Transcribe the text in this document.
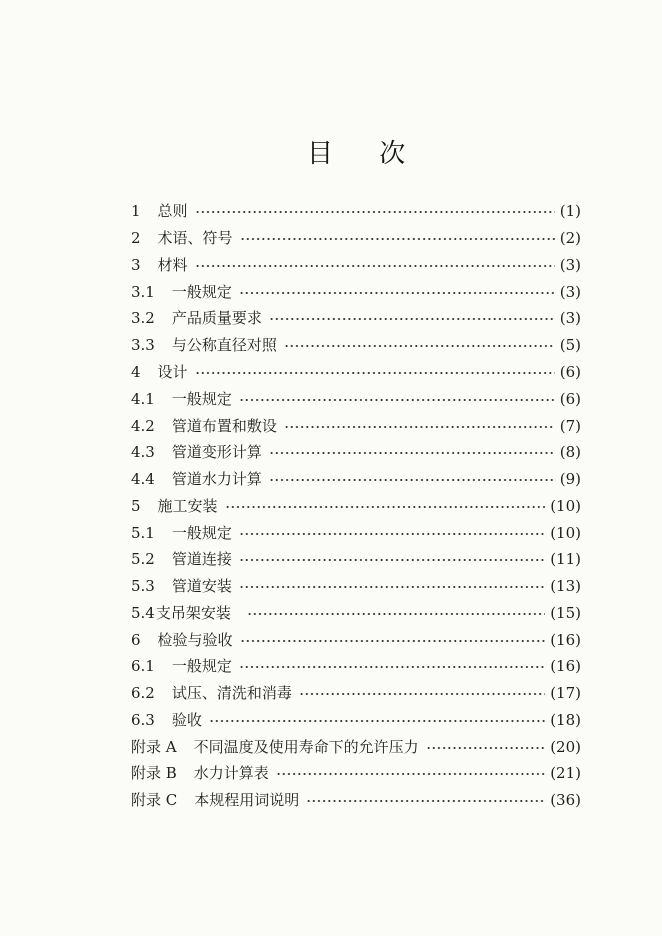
目 次
1 总则	(1)
2 术语、符号	(2)
3 材料	(3)
3.1 一般规定	(3)
3.2 产品质量要求	(3)
3.3 与公称直径对照	(5)
4 设计	(6)
4.1 一般规定	(6)
4.2 管道布置和敷设	(7)
4.3 管道变形计算	(8)
4.4 管道水力计算	(9)
5 施工安装	(10)
5.1 一般规定	(10)
5.2 管道连接	(11)
5.3 管道安装	(13)
5.4 支吊架安装	(15)
6 检验与验收	(16)
6.1 一般规定	(16)
6.2 试压、清洗和消毒	(17)
6.3 验收	(18)
附录 A 不同温度及使用寿命下的允许压力	(20)
附录 B 水力计算表	(21)
附录 C 本规程用词说明	(36)
